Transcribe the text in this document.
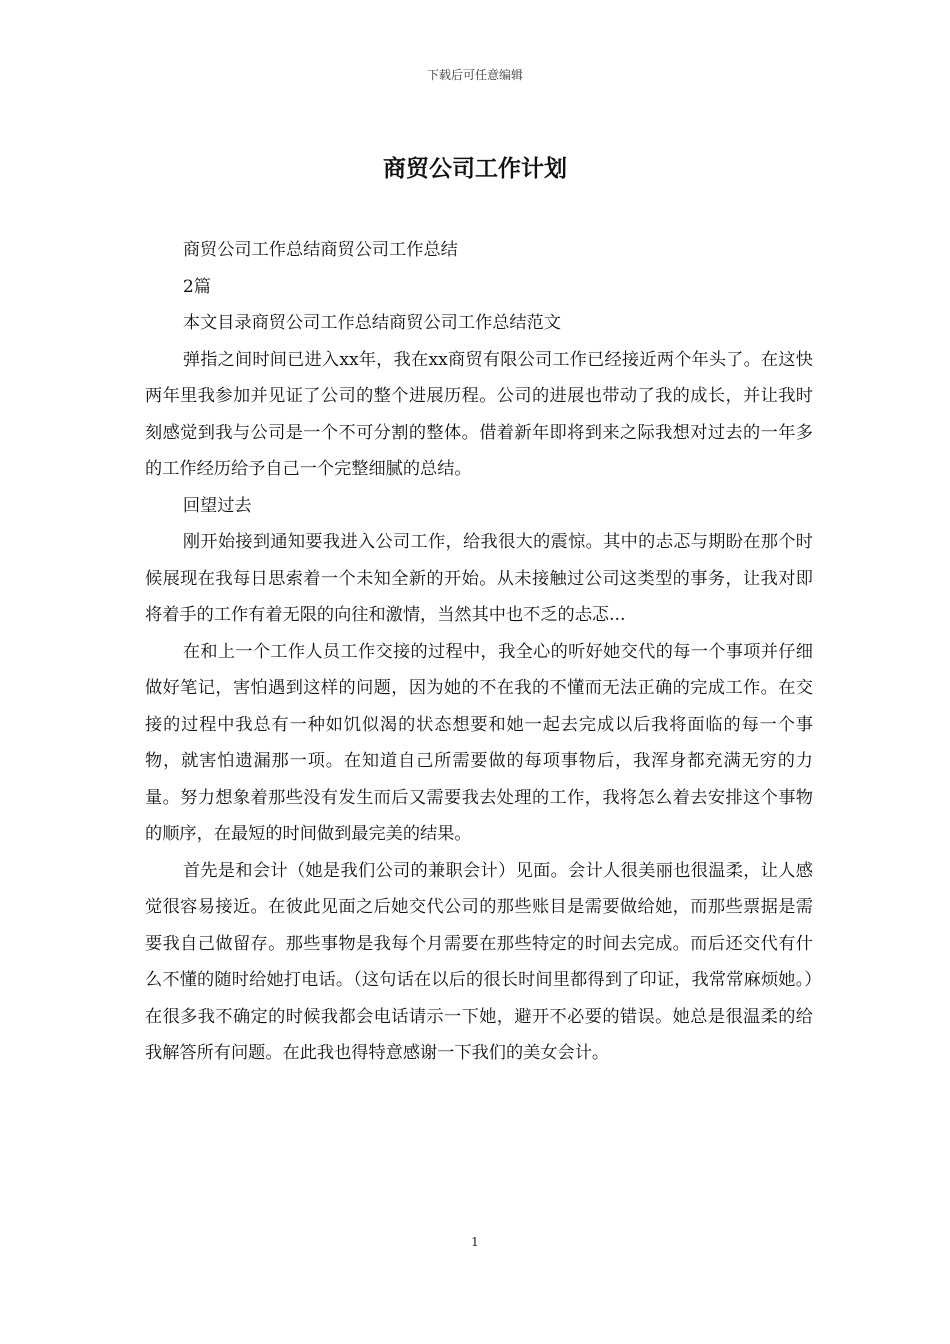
下载后可任意编辑
商贸公司工作计划

商贸公司工作总结商贸公司工作总结

2篇

本文目录商贸公司工作总结商贸公司工作总结范文

弹指之间时间已进入xx年，我在xx商贸有限公司工作已经接近两个年头了。在这快两年里我参加并见证了公司的整个进展历程。公司的进展也带动了我的成长，并让我时刻感觉到我与公司是一个不可分割的整体。借着新年即将到来之际我想对过去的一年多的工作经历给予自己一个完整细腻的总结。

回望过去

刚开始接到通知要我进入公司工作，给我很大的震惊。其中的忐忑与期盼在那个时候展现在我每日思索着一个未知全新的开始。从未接触过公司这类型的事务，让我对即将着手的工作有着无限的向往和激情，当然其中也不乏的忐忑...

在和上一个工作人员工作交接的过程中，我全心的听好她交代的每一个事项并仔细做好笔记，害怕遇到这样的问题，因为她的不在我的不懂而无法正确的完成工作。在交接的过程中我总有一种如饥似渴的状态想要和她一起去完成以后我将面临的每一个事物，就害怕遗漏那一项。在知道自己所需要做的每项事物后，我浑身都充满无穷的力量。努力想象着那些没有发生而后又需要我去处理的工作，我将怎么着去安排这个事物的顺序，在最短的时间做到最完美的结果。

首先是和会计（她是我们公司的兼职会计）见面。会计人很美丽也很温柔，让人感觉很容易接近。在彼此见面之后她交代公司的那些账目是需要做给她，而那些票据是需要我自己做留存。那些事物是我每个月需要在那些特定的时间去完成。而后还交代有什么不懂的随时给她打电话。（这句话在以后的很长时间里都得到了印证，我常常麻烦她。）在很多我不确定的时候我都会电话请示一下她，避开不必要的错误。她总是很温柔的给我解答所有问题。在此我也得特意感谢一下我们的美女会计。

1
